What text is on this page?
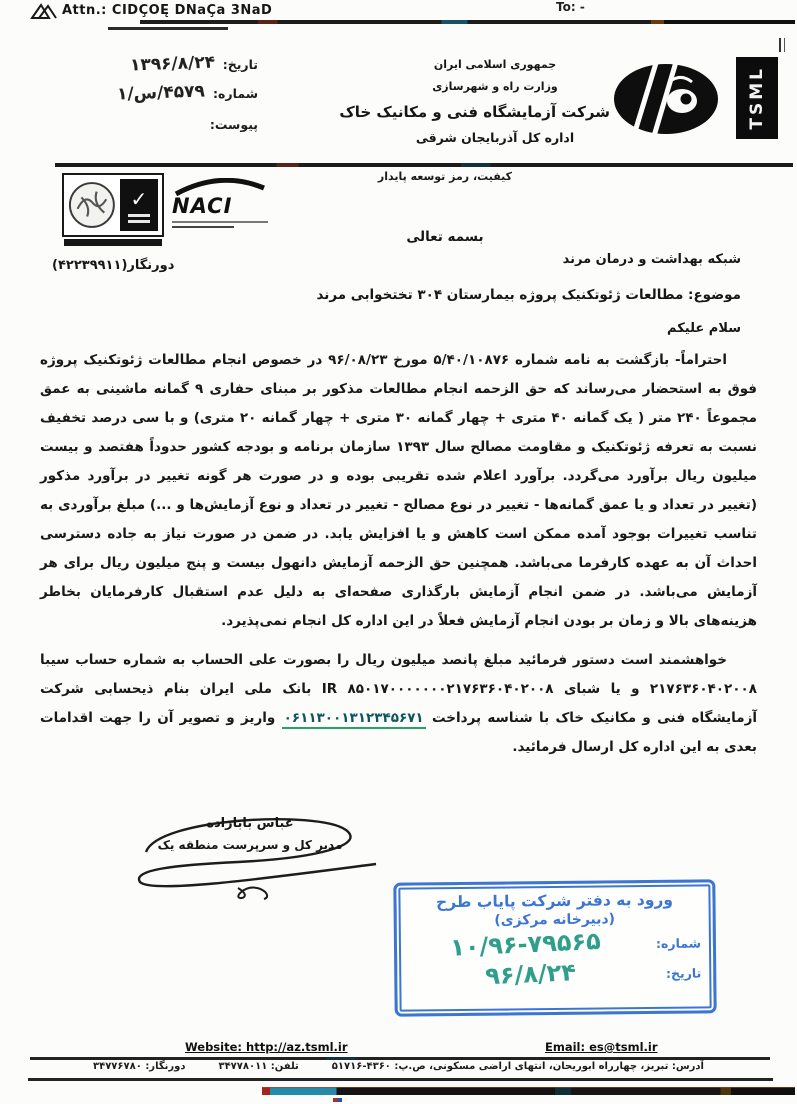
Attn.: CIDÇOĘ DNaÇa 3NaD	To: -
تاریخ:
۱۳۹۶/۸/۲۴
شماره:
۴۵۷۹/س/۱
پیوست:
جمهوری اسلامی ایران
وزارت راه و شهرسازی
شرکت آزمایشگاه فنی و مکانیک خاک
اداره کل آذربایجان شرقی
TSML
کیفیت، رمز توسعه پایدار
✓ NACI
بسمه تعالی
شبکه بهداشت و درمان مرند
دورنگار(۴۲۲۳۹۹۱۱)
موضوع: مطالعات ژئوتکنیک پروژه بیمارستان ۳۰۴ تختخوابی مرند
سلام علیکم

احتراماً- بازگشت به نامه شماره ۵/۴۰/۱۰۸۷۶ مورخ ۹۶/۰۸/۲۳ در خصوص انجام مطالعات ژئوتکنیک پروژه فوق به استحضار می‌رساند که حق الزحمه انجام مطالعات مذکور بر مبنای حفاری ۹ گمانه ماشینی به عمق مجموعاً ۲۴۰ متر ( یک گمانه ۴۰ متری + چهار گمانه ۳۰ متری + چهار گمانه ۲۰ متری) و با سی درصد تخفیف نسبت به تعرفه ژئوتکنیک و مقاومت مصالح سال ۱۳۹۳ سازمان برنامه و بودجه کشور حدوداً هفتصد و بیست میلیون ریال برآورد می‌گردد. برآورد اعلام شده تقریبی بوده و در صورت هر گونه تغییر در برآورد مذکور (تغییر در تعداد و یا عمق گمانه‌ها - تغییر در نوع مصالح - تغییر در تعداد و نوع آزمایش‌ها و ...) مبلغ برآوردی به تناسب تغییرات بوجود آمده ممکن است کاهش و یا افزایش یابد. در ضمن در صورت نیاز به جاده دسترسی احداث آن به عهده کارفرما می‌باشد. همچنین حق الزحمه آزمایش دانهول بیست و پنج میلیون ریال برای هر آزمایش می‌باشد. در ضمن انجام آزمایش بارگذاری صفحه‌ای به دلیل عدم استقبال کارفرمایان بخاطر هزینه‌های بالا و زمان بر بودن انجام آزمایش فعلاً در این اداره کل انجام نمی‌پذیرد.

خواهشمند است دستور فرمائید مبلغ پانصد میلیون ریال را بصورت علی الحساب به شماره حساب سیبا ۲۱۷۶۳۶۰۴۰۲۰۰۸ و یا شبای IR ۸۵۰۱۷۰۰۰۰۰۰۰۲۱۷۶۳۶۰۴۰۲۰۰۸ بانک ملی ایران بنام ذیحسابی شرکت آزمایشگاه فنی و مکانیک خاک با شناسه پرداخت ۰۶۱۱۳۰۰۱۳۱۲۳۴۵۶۷۱ واریز و تصویر آن را جهت اقدامات بعدی به این اداره کل ارسال فرمائید.

عباس بابازاده
مدیر کل و سرپرست منطقه یک
ورود به دفتر شرکت پایاب طرح
(دبیرخانه مرکزی)
شماره:
۱۰/۹۶-۷۹۵۶۵
تاریخ:
۹۶/۸/۲۴
Website: http://az.tsml.ir	Email: es@tsml.ir
آدرس: تبریز، چهارراه ابوریحان، انتهای اراضی مسکونی، ص.پ: ۴۳۶۰-۵۱۷۱۶  تلفن: ۳۴۷۷۸۰۱۱  دورنگار: ۳۴۷۷۶۷۸۰
